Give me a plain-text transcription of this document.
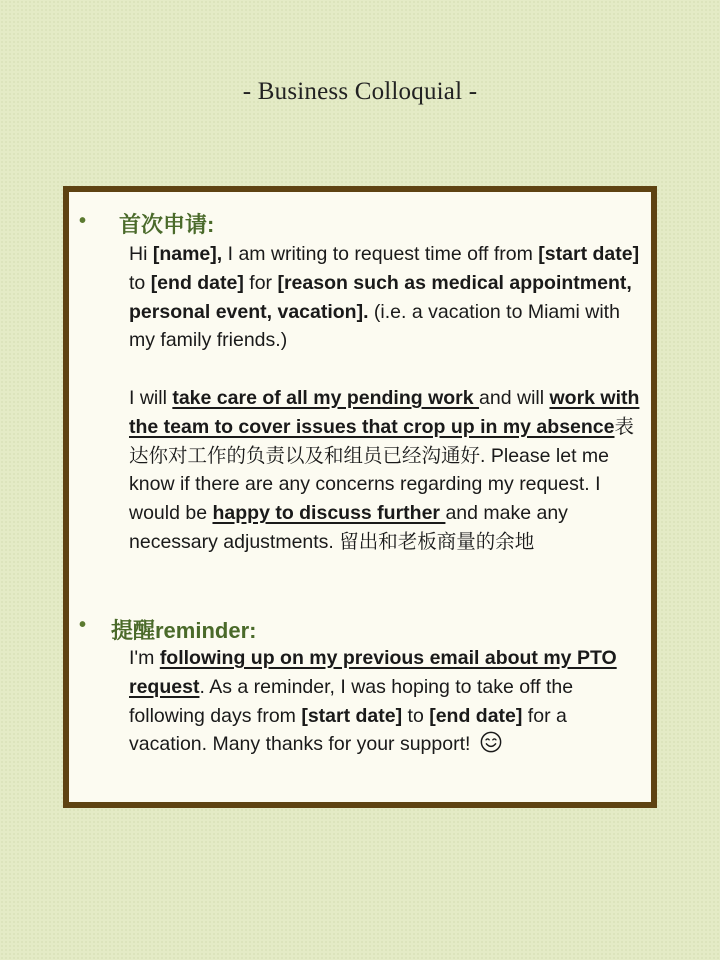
- Business Colloquial -
• 首次申请:

Hi [name], I am writing to request time off from [start date] to [end date] for [reason such as medical appointment, personal event, vacation]. (i.e. a vacation to Miami with my family friends.)

I will take care of all my pending work and will work with the team to cover issues that crop up in my absence表达你对工作的负责以及和组员已经沟通好. Please let me know if there are any concerns regarding my request. I would be happy to discuss further and make any necessary adjustments. 留出和老板商量的余地

• 提醒reminder:

I'm following up on my previous email about my PTO request. As a reminder, I was hoping to take off the following days from [start date] to [end date] for a vacation. Many thanks for your support!
